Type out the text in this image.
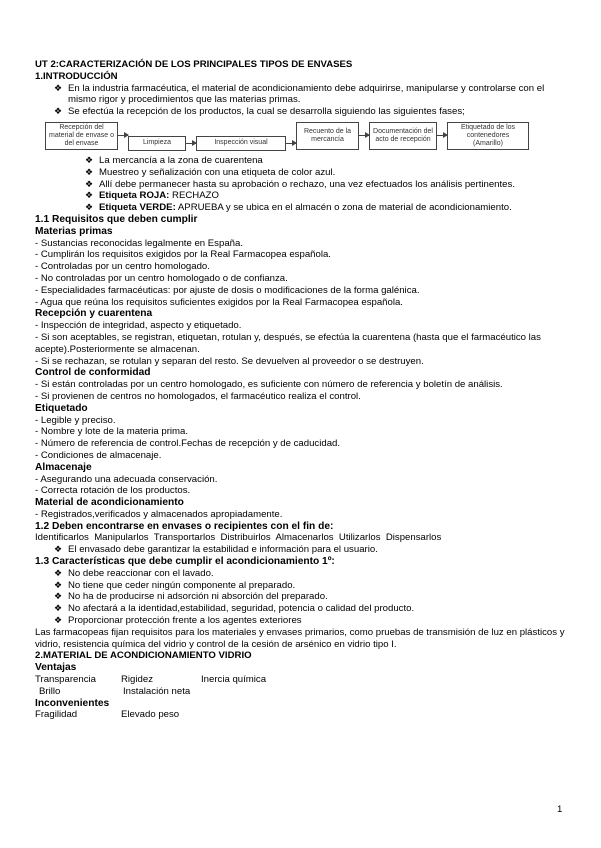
UT 2:CARACTERIZACIÓN DE LOS PRINCIPALES TIPOS DE ENVASES
1.INTRODUCCIÓN
❖ En la industria farmacéutica, el material de acondicionamiento debe adquirirse, manipularse y controlarse con el mismo rigor y procedimientos que las materias primas.
❖ Se efectúa la recepción de los productos, la cual se desarrolla siguiendo las siguientes fases;
Recepción del material de envase o del envase	Limpieza	Inspección visual
Recuento de la mercancía
Documentación del acto de recepción
Etiquetado de los contenedores (Amarillo)
❖ La mercancía a la zona de cuarentena
❖ Muestreo y señalización con una etiqueta de color azul.
❖ Allí debe permanecer hasta su aprobación o rechazo, una vez efectuados los análisis pertinentes.
❖ Etiqueta ROJA: RECHAZO
❖ Etiqueta VERDE: APRUEBA y se ubica en el almacén o zona de material de acondicionamiento.
1.1 Requisitos que deben cumplir
Materias primas
- Sustancias reconocidas legalmente en España.
- Cumplirán los requisitos exigidos por la Real Farmacopea española.
- Controladas por un centro homologado.
- No controladas por un centro homologado o de confianza.
- Especialidades farmacéuticas: por ajuste de dosis o modificaciones de la forma galénica.
- Agua que reúna los requisitos suficientes exigidos por la Real Farmacopea española.
Recepción y cuarentena
- Inspección de integridad, aspecto y etiquetado.
- Si son aceptables, se registran, etiquetan, rotulan y, después, se efectúa la cuarentena (hasta que el farmacéutico las acepte).Posteriormente se almacenan.
- Si se rechazan, se rotulan y separan del resto. Se devuelven al proveedor o se destruyen.
Control de conformidad
- Si están controladas por un centro homologado, es suficiente con número de referencia y boletín de análisis.
- Si provienen de centros no homologados, el farmacéutico realiza el control.
Etiquetado
- Legible y preciso.
- Nombre y lote de la materia prima.
- Número de referencia de control.Fechas de recepción y de caducidad.
- Condiciones de almacenaje.
Almacenaje
- Asegurando una adecuada conservación.
- Correcta rotación de los productos.
Material de acondicionamiento
- Registrados,verificados y almacenados apropiadamente.
1.2 Deben encontrarse en envases o recipientes con el fin de:
Identificarlos  Manipularlos  Transportarlos  Distribuirlos  Almacenarlos  Utilizarlos  Dispensarlos
❖ El envasado debe garantizar la estabilidad e información para el usuario.
1.3 Características que debe cumplir el acondicionamiento 1º:
❖ No debe reaccionar con el lavado.
❖ No tiene que ceder ningún componente al preparado.
❖ No ha de producirse ni adsorción ni absorción del preparado.
❖ No afectará a la identidad,estabilidad, seguridad, potencia o calidad del producto.
❖ Proporcionar protección frente a los agentes exteriores
Las farmacopeas fijan requisitos para los materiales y envases primarios, como pruebas de transmisión de luz en plásticos y vidrio, resistencia química del vidrio y control de la cesión de arsénico en vidrio tipo I.
2.MATERIAL DE ACONDICIONAMIENTO VIDRIO
Ventajas
Transparencia	Rigidez	Inercia química
Brillo	Instalación neta
Inconvenientes
Fragilidad	Elevado peso
1
